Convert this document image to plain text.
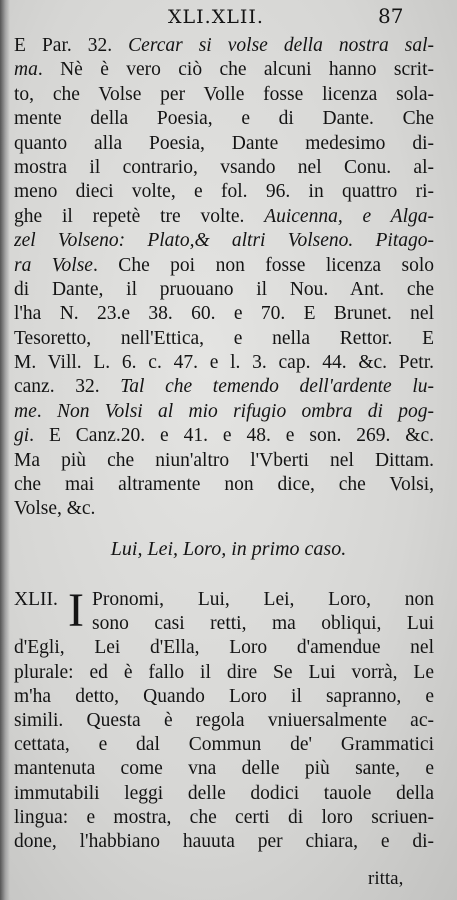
XLI.XLII.	87
E Par. 32. Cercar si volse della nostra sal-
ma. Nè è vero ciò che alcuni hanno scrit-
to, che Volse per Volle fosse licenza sola-
mente della Poesia, e di Dante. Che
quanto alla Poesia, Dante medesimo di-
mostra il contrario, vsando nel Conu. al-
meno dieci volte, e fol. 96. in quattro ri-
ghe il repetè tre volte. Auicenna, e Alga-
zel Volseno: Plato,& altri Volseno. Pitago-
ra Volse. Che poi non fosse licenza solo
di Dante, il pruouano il Nou. Ant. che
l'ha N. 23.e 38. 60. e 70. E Brunet. nel
Tesoretto, nell'Ettica, e nella Rettor. E
M. Vill. L. 6. c. 47. e l. 3. cap. 44. &c. Petr.
canz. 32. Tal che temendo dell'ardente lu-
me. Non Volsi al mio rifugio ombra di pog-
gi. E Canz.20. e 41. e 48. e son. 269. &c.
Ma più che niun'altro l'Vberti nel Dittam.
che mai altramente non dice, che Volsi,
Volse, &c.
Lui, Lei, Loro, in primo caso.
XLII. I Pronomi, Lui, Lei, Loro, non
sono casi retti, ma obliqui, Lui
d'Egli, Lei d'Ella, Loro d'amendue nel
plurale: ed è fallo il dire Se Lui vorrà, Le
m'ha detto, Quando Loro il sapranno, e
simili. Questa è regola vniuersalmente ac-
cettata, e dal Commun de' Grammatici
mantenuta come vna delle più sante, e
immutabili leggi delle dodici tauole della
lingua: e mostra, che certi di loro scriuen-
done, l'habbiano hauuta per chiara, e di-
ritta,
